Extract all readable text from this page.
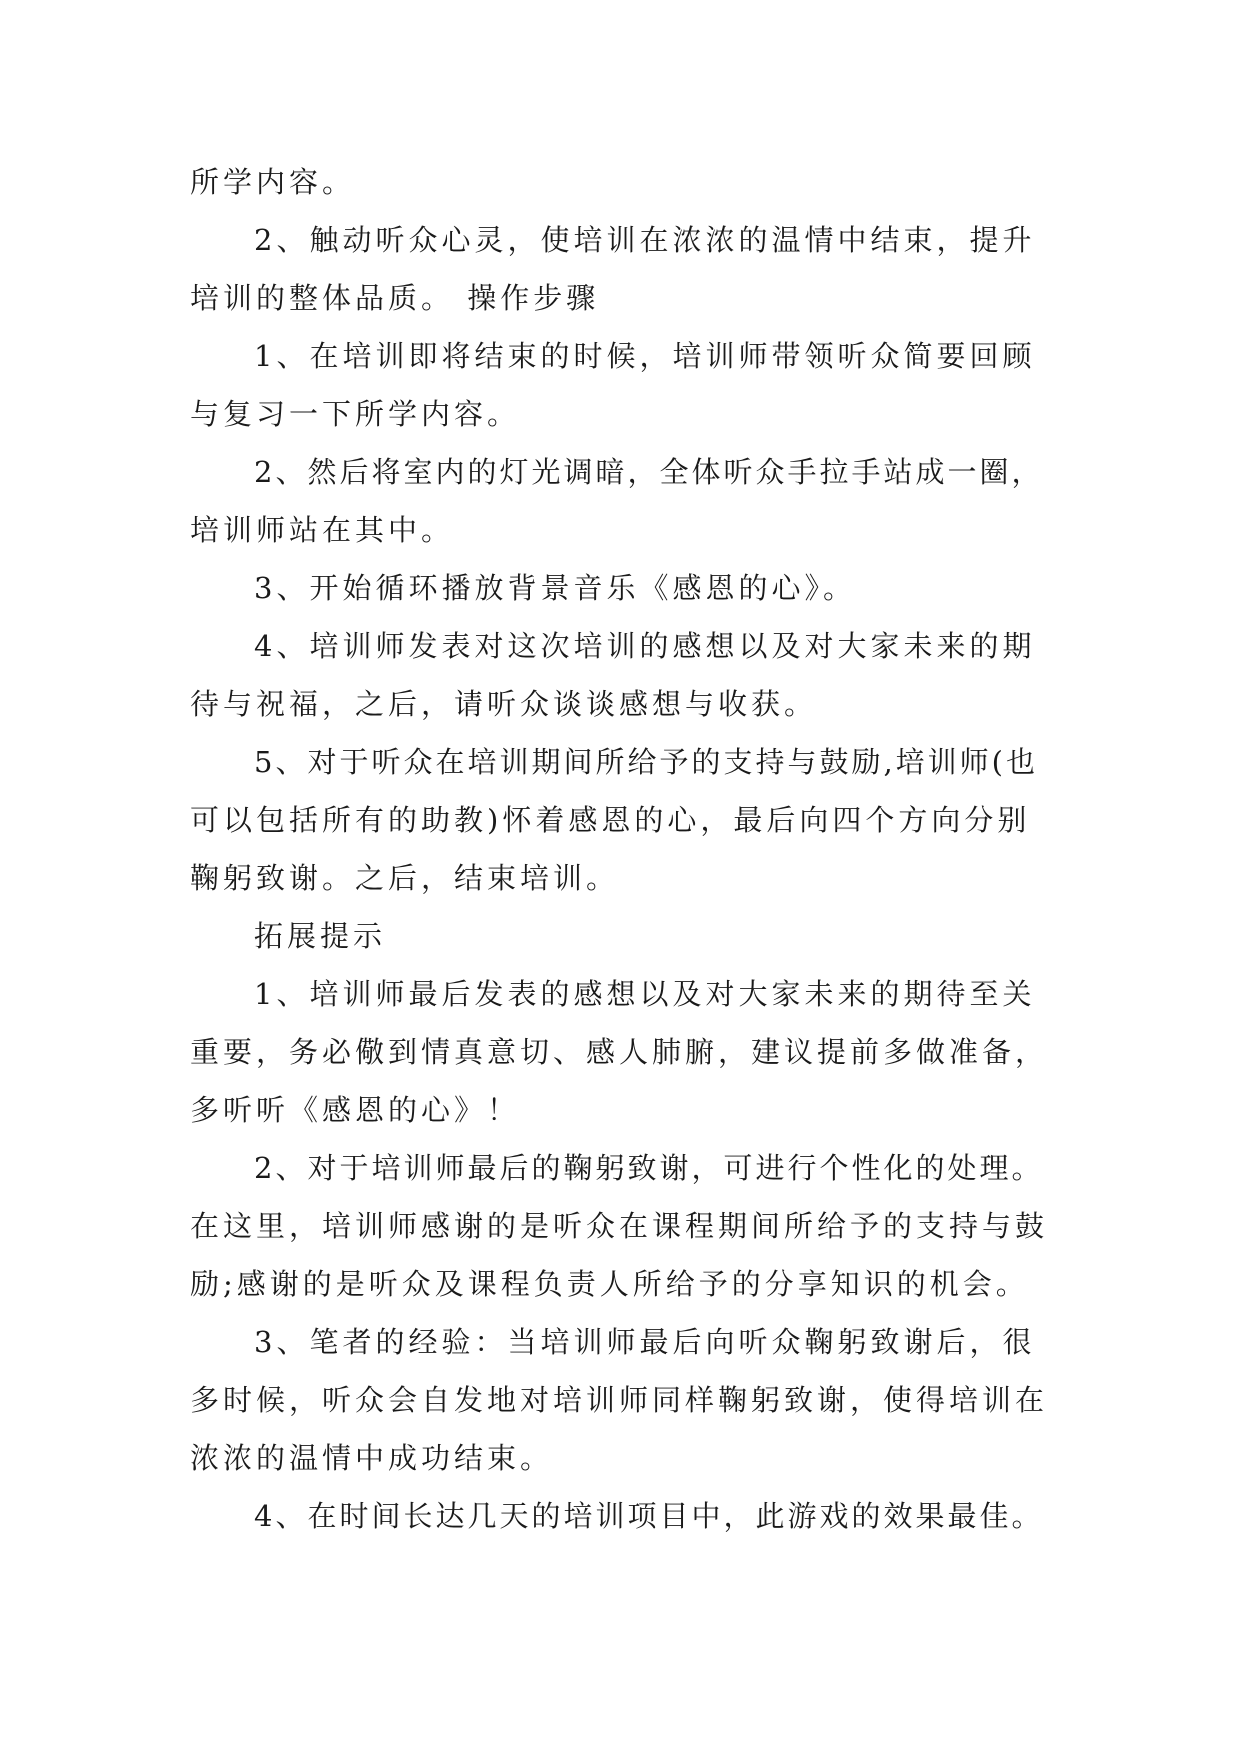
所学内容。
2、触动听众心灵，使培训在浓浓的温情中结束，提升
培训的整体品质。 操作步骤
1、在培训即将结束的时候，培训师带领听众简要回顾
与复习一下所学内容。
2、然后将室内的灯光调暗，全体听众手拉手站成一圈，
培训师站在其中。
3、开始循环播放背景音乐《感恩的心》。
4、培训师发表对这次培训的感想以及对大家未来的期
待与祝福，之后，请听众谈谈感想与收获。
5、对于听众在培训期间所给予的支持与鼓励,培训师(也
可以包括所有的助教)怀着感恩的心，最后向四个方向分别
鞠躬致谢。之后，结束培训。
拓展提示
1、培训师最后发表的感想以及对大家未来的期待至关
重要，务必儆到情真意切、感人肺腑，建议提前多做准备，
多听听《感恩的心》！
2、对于培训师最后的鞠躬致谢，可进行个性化的处理。
在这里，培训师感谢的是听众在课程期间所给予的支持与鼓
励;感谢的是听众及课程负责人所给予的分享知识的机会。
3、笔者的经验：当培训师最后向听众鞠躬致谢后，很
多时候，听众会自发地对培训师同样鞠躬致谢，使得培训在
浓浓的温情中成功结束。
4、在时间长达几天的培训项目中，此游戏的效果最佳。
